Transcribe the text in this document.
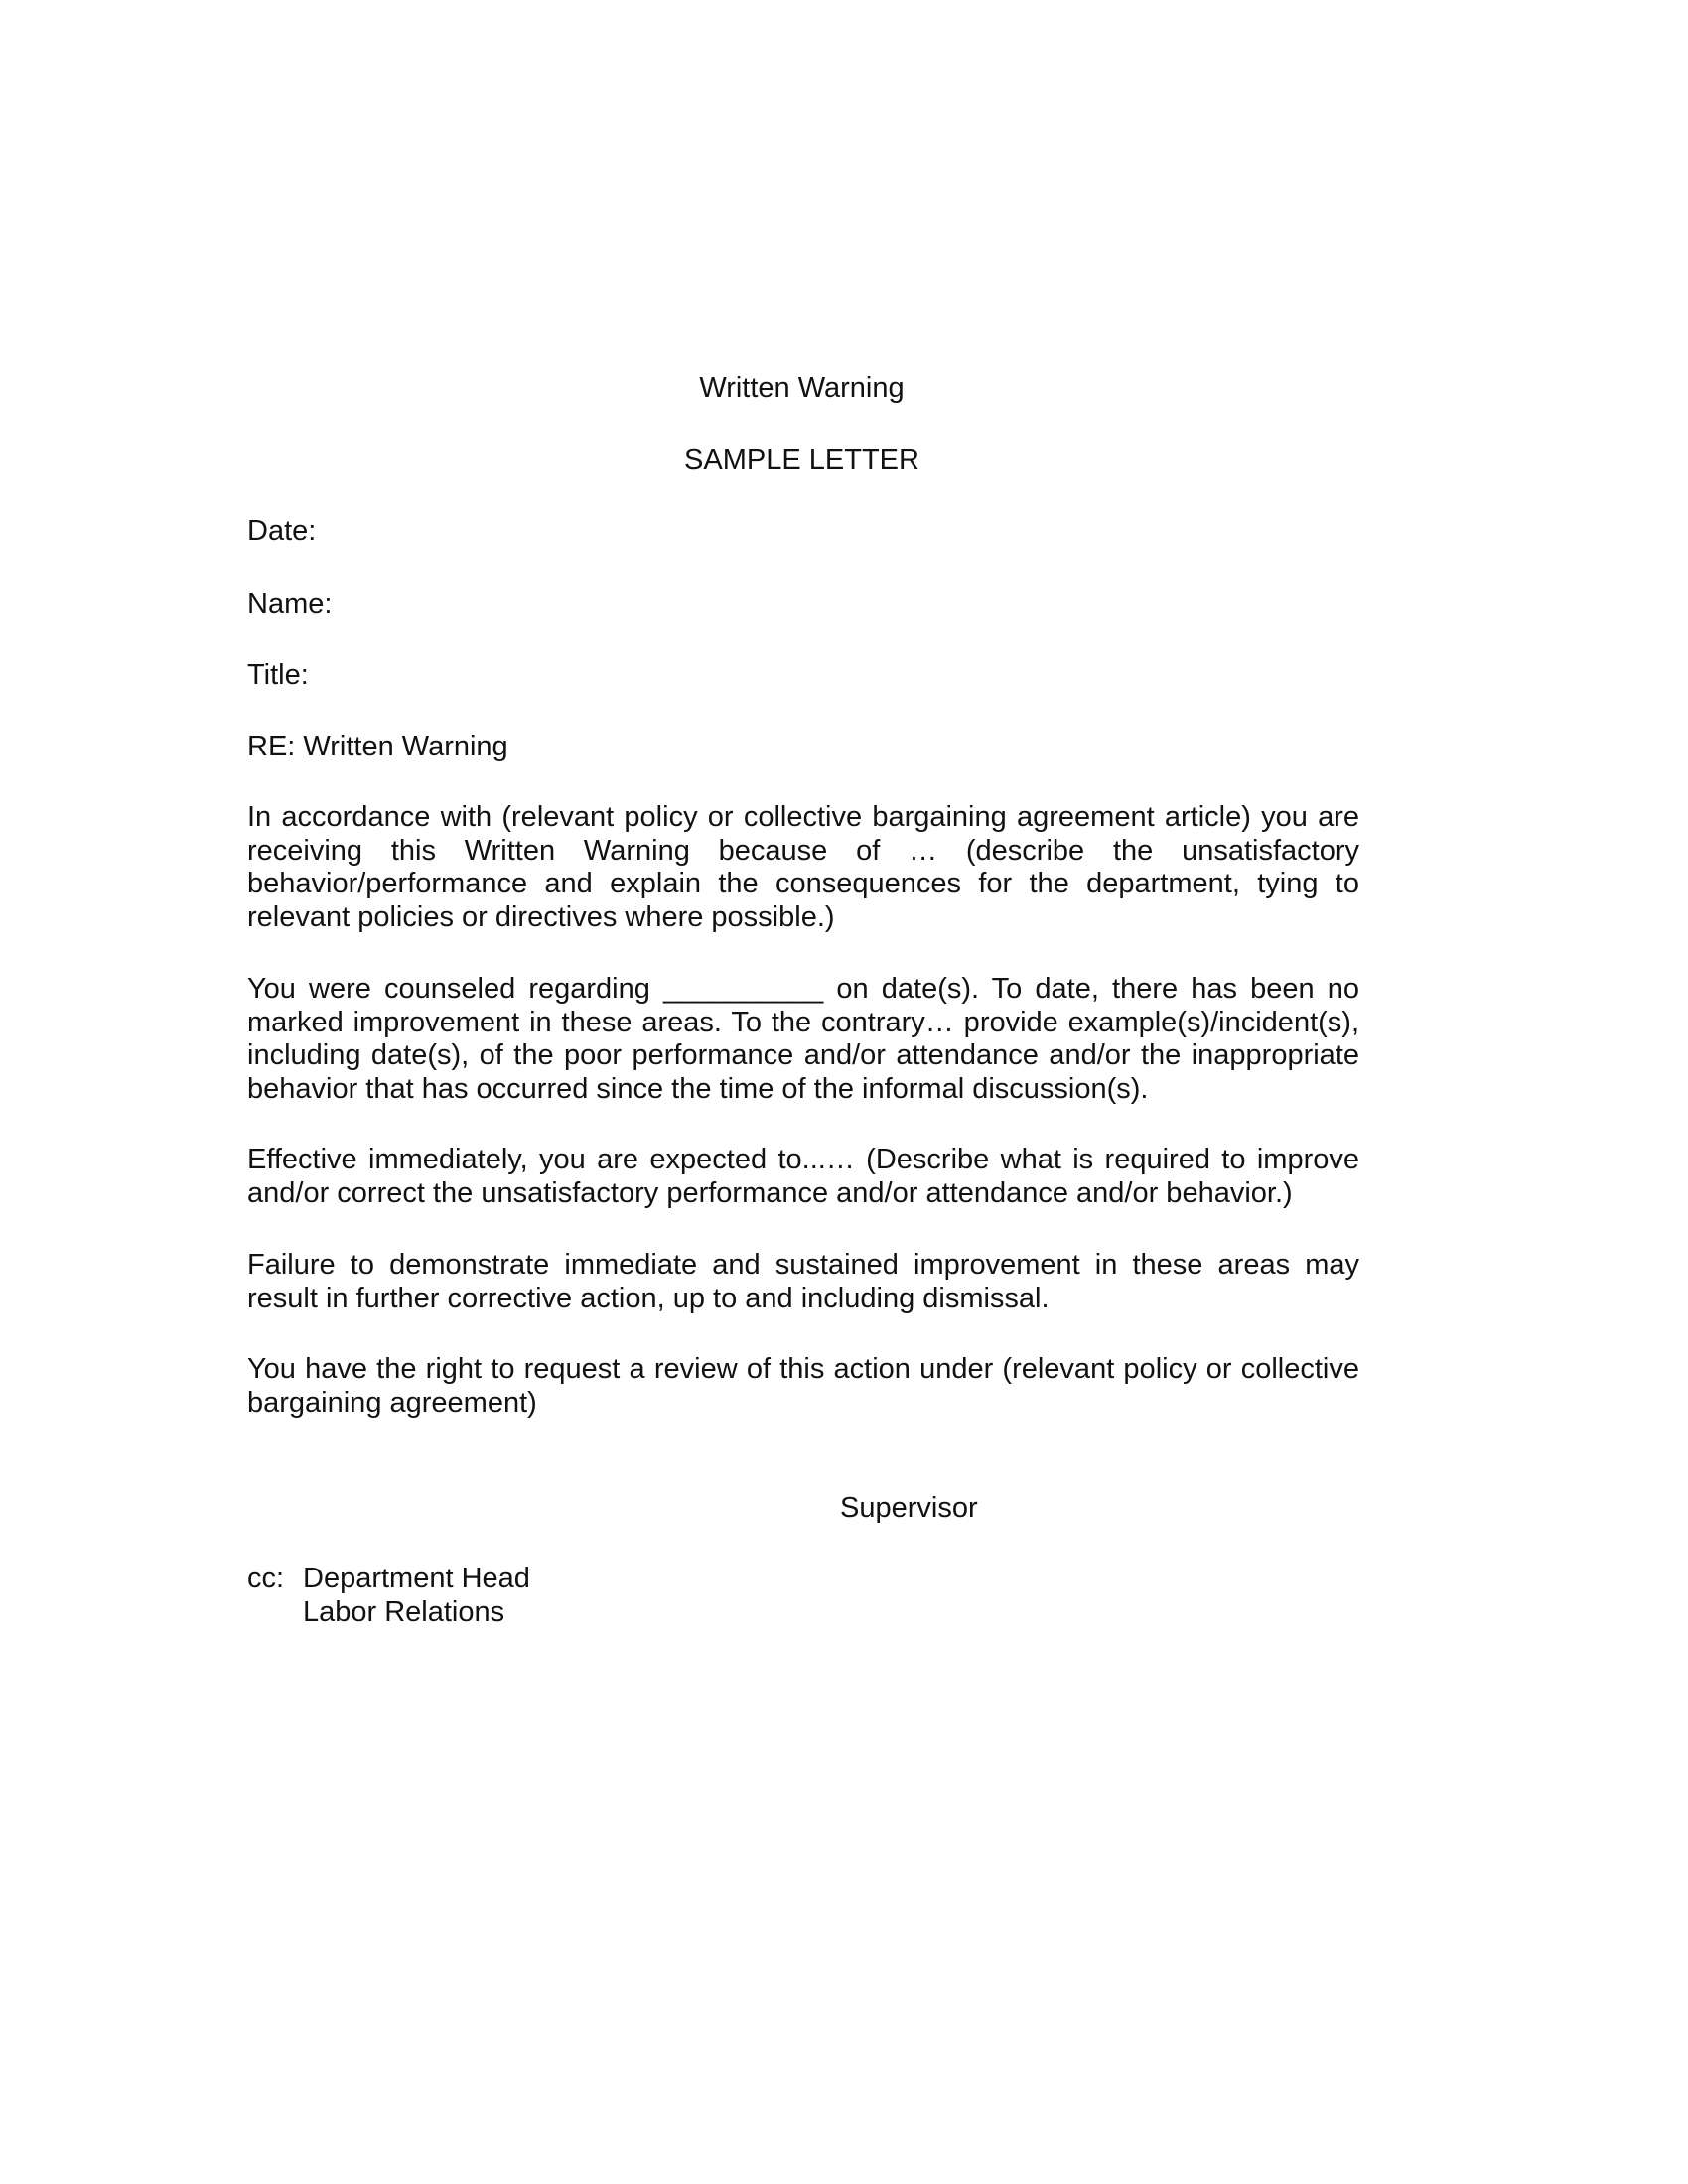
Written Warning
SAMPLE LETTER
Date:
Name:
Title:
RE: Written Warning

In accordance with (relevant policy or collective bargaining agreement article) you are receiving this Written Warning because of … (describe the unsatisfactory behavior/performance and explain the consequences for the department, tying to relevant policies or directives where possible.)

You were counseled regarding __________ on date(s). To date, there has been no marked improvement in these areas. To the contrary… provide example(s)/incident(s), including date(s), of the poor performance and/or attendance and/or the inappropriate behavior that has occurred since the time of the informal discussion(s).

Effective immediately, you are expected to...… (Describe what is required to improve and/or correct the unsatisfactory performance and/or attendance and/or behavior.)

Failure to demonstrate immediate and sustained improvement in these areas may result in further corrective action, up to and including dismissal.

You have the right to request a review of this action under (relevant policy or collective bargaining agreement)

Supervisor
cc: Department Head
Labor Relations
